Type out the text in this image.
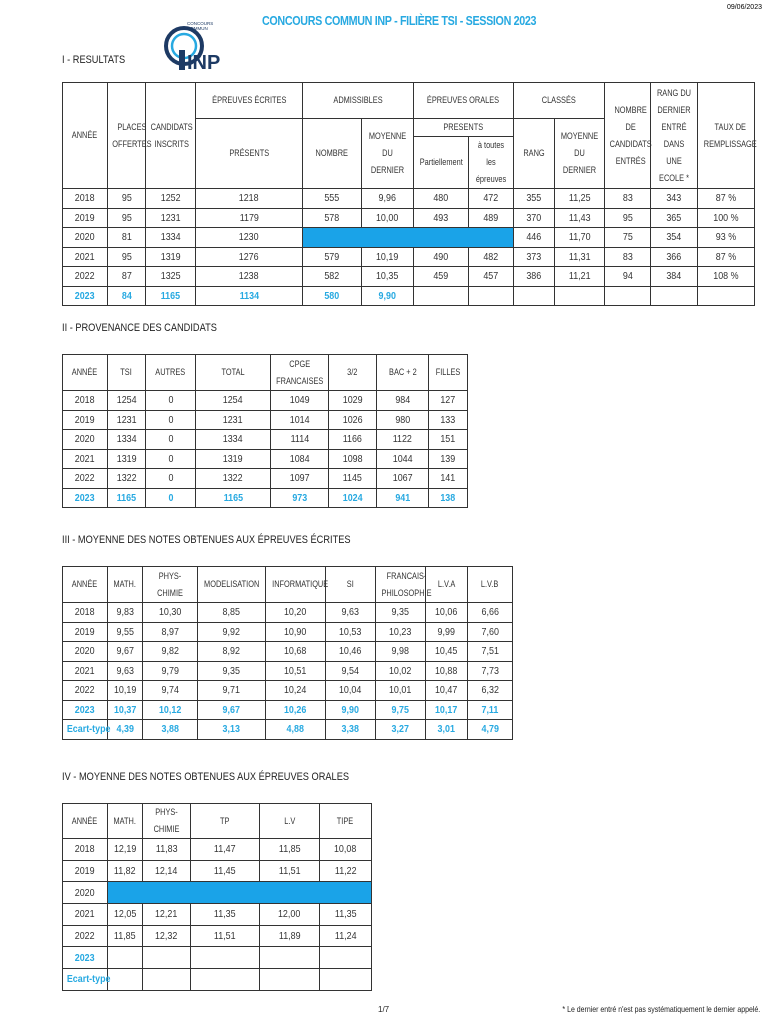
09/06/2023
INP
CONCOURS
COMMUN
CONCOURS COMMUN INP - FILIÈRE TSI - SESSION 2023
I - RESULTATS
ANNÉE	PLACES OFFERTES	CANDIDATS INSCRITS	ÉPREUVES ÉCRITES	ADMISSIBLES		ÉPREUVES ORALES		CLASSÉS		NOMBRE DE CANDIDATS ENTRÉS	RANG DU DERNIER ENTRÉ DANS UNE ECOLE *	TAUX DE REMPLISSAGE
			PRÉSENTS	NOMBRE	MOYENNE DU DERNIER	PRESENTS		RANG	MOYENNE DU DERNIER			
						Partiellement	à toutes les épreuves					
2018	95	1252	1218	555	9,96	480	472	355	11,25	83	343	87 %
2019	95	1231	1179	578	10,00	493	489	370	11,43	95	365	100 %
2020	81	1334	1230					446	11,70	75	354	93 %
2021	95	1319	1276	579	10,19	490	482	373	11,31	83	366	87 %
2022	87	1325	1238	582	10,35	459	457	386	11,21	94	384	108 %
2023	84	1165	1134	580	9,90							
II - PROVENANCE DES CANDIDATS
ANNÉE	TSI	AUTRES	TOTAL	CPGE FRANCAISES	3/2	BAC + 2	FILLES
2018	1254	0	1254	1049	1029	984	127
2019	1231	0	1231	1014	1026	980	133
2020	1334	0	1334	1114	1166	1122	151
2021	1319	0	1319	1084	1098	1044	139
2022	1322	0	1322	1097	1145	1067	141
2023	1165	0	1165	973	1024	941	138
III - MOYENNE DES NOTES OBTENUES AUX ÉPREUVES ÉCRITES
ANNÉE	MATH.	PHYS-CHIMIE	MODELISATION	INFORMATIQUE	SI	FRANCAIS-PHILOSOPHIE	L.V.A	L.V.B
2018	9,83	10,30	8,85	10,20	9,63	9,35	10,06	6,66
2019	9,55	8,97	9,92	10,90	10,53	10,23	9,99	7,60
2020	9,67	9,82	8,92	10,68	10,46	9,98	10,45	7,51
2021	9,63	9,79	9,35	10,51	9,54	10,02	10,88	7,73
2022	10,19	9,74	9,71	10,24	10,04	10,01	10,47	6,32
2023	10,37	10,12	9,67	10,26	9,90	9,75	10,17	7,11
Ecart-type	4,39	3,88	3,13	4,88	3,38	3,27	3,01	4,79
IV - MOYENNE DES NOTES OBTENUES AUX ÉPREUVES ORALES
ANNÉE	MATH.	PHYS-CHIMIE	TP	L.V	TIPE
2018	12,19	11,83	11,47	11,85	10,08
2019	11,82	12,14	11,45	11,51	11,22
2020					
2021	12,05	12,21	11,35	12,00	11,35
2022	11,85	12,32	11,51	11,89	11,24
2023					
Ecart-type					
1/7	* Le dernier entré n'est pas systématiquement le dernier appelé.
